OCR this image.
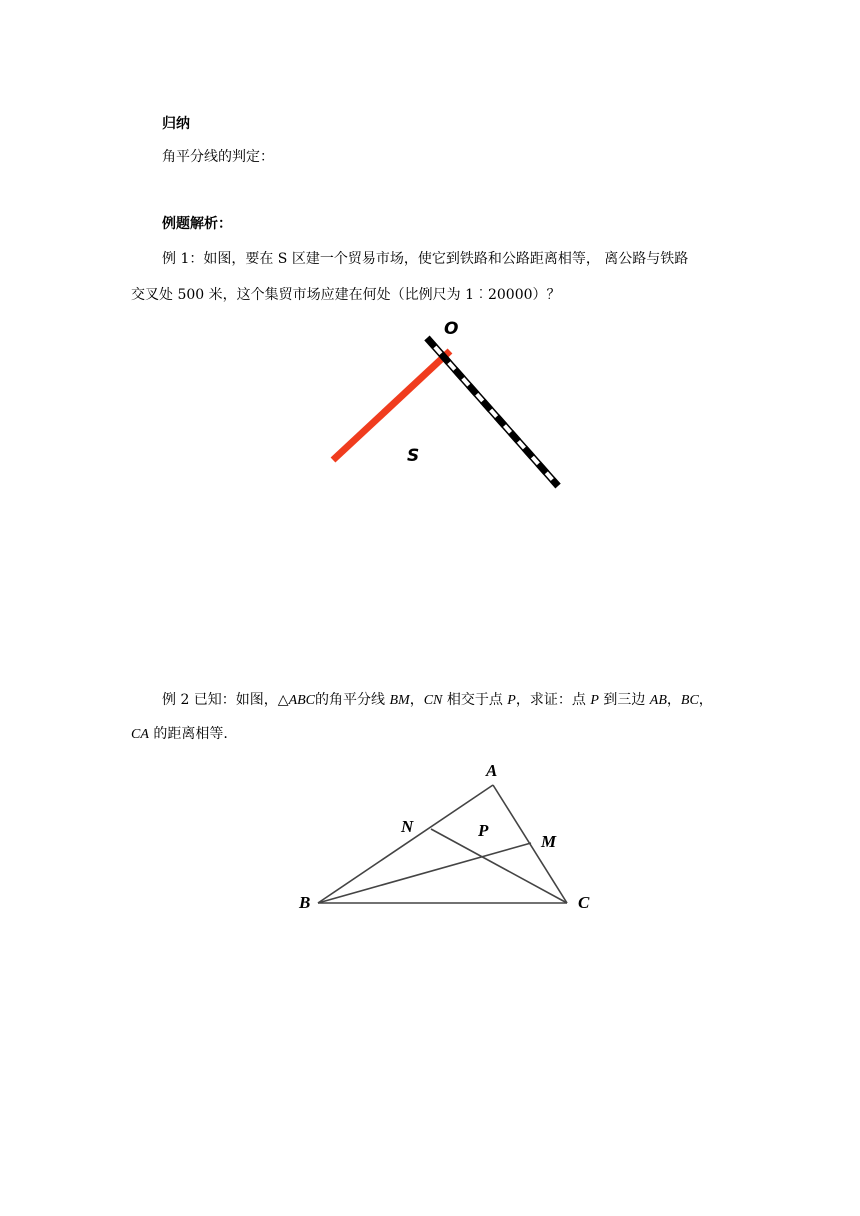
归纳
角平分线的判定：
例题解析：
例 1：如图，要在 S 区建一个贸易市场，使它到铁路和公路距离相等， 离公路与铁路
交叉处 500 米，这个集贸市场应建在何处（比例尺为 1︰20000）？
O
S
例 2 已知：如图，△ABC的角平分线 BM，CN 相交于点 P，求证：点 P 到三边 AB，BC，
CA 的距离相等.
A
B	C
M
N	P
